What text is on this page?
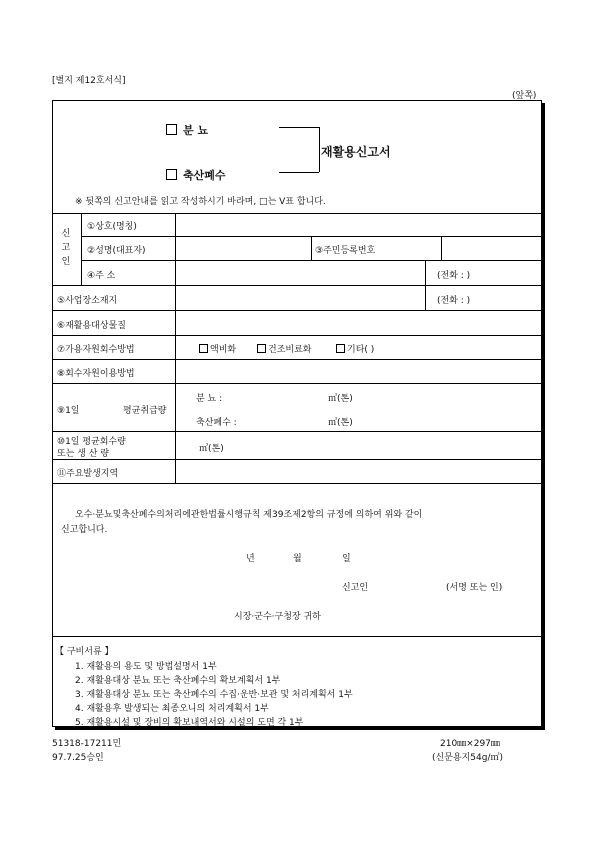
[별지 제12호서식]
(앞쪽)
분 뇨
축산폐수
재활용신고서
※ 뒷쪽의 신고안내를 읽고 작성하시기 바라며, □는 V표 합니다.
신 고 인
①상호(명칭)
②성명(대표자)	③주민등록번호
④주 소	(전화 : )
⑤사업장소재지	(전화 : )
⑥재활용대상물질
⑦가용자원회수방법	액비화	건조비료화	기타( )
⑧회수자원이용방법
⑨1일	평균취급량
분 뇨 :	㎥(톤)
축산폐수 :	㎥(톤)
⑩1일 평균회수량
또는 생 산 량	㎥(톤)
⑪주요발생지역
오수·분뇨및축산폐수의처리에관한법률시행규칙 제39조제2항의 규정에 의하여 위와 같이
신고합니다.
년	월	일
신고인	(서명 또는 인)
시장·군수·구청장 귀하
【 구비서류 】
1. 재활용의 용도 및 방법설명서 1부
2. 재활용대상 분뇨 또는 축산폐수의 확보계획서 1부
3. 재활용대상 분뇨 또는 축산폐수의 수집·운반·보관 및 처리계획서 1부
4. 재활용후 발생되는 최종오니의 처리계획서 1부
5. 재활용시설 및 장비의 확보내역서와 시설의 도면 각 1부
51318-17211민
97.7.25승인
210㎜×297㎜
(신문용지54g/㎡)
